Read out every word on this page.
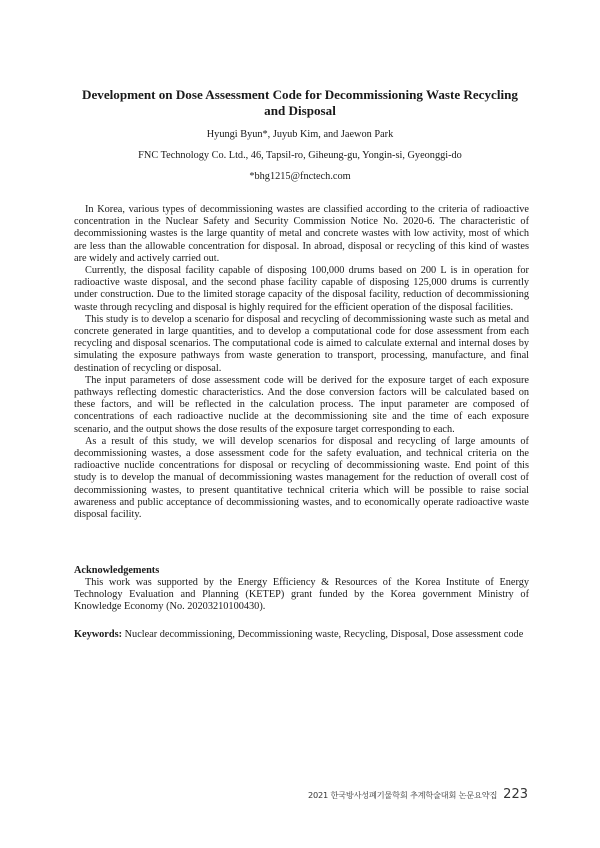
Development on Dose Assessment Code for Decommissioning Waste Recycling and Disposal
Hyungi Byun*, Juyub Kim, and Jaewon Park
FNC Technology Co. Ltd., 46, Tapsil-ro, Giheung-gu, Yongin-si, Gyeonggi-do
*bhg1215@fnctech.com

In Korea, various types of decommissioning wastes are classified according to the criteria of radioactive concentration in the Nuclear Safety and Security Commission Notice No. 2020-6. The characteristic of decommissioning wastes is the large quantity of metal and concrete wastes with low activity, most of which are less than the allowable concentration for disposal. In abroad, disposal or recycling of this kind of wastes are widely and actively carried out.

Currently, the disposal facility capable of disposing 100,000 drums based on 200 L is in operation for radioactive waste disposal, and the second phase facility capable of disposing 125,000 drums is currently under construction. Due to the limited storage capacity of the disposal facility, reduction of decommissioning waste through recycling and disposal is highly required for the efficient operation of the disposal facilities.

This study is to develop a scenario for disposal and recycling of decommissioning waste such as metal and concrete generated in large quantities, and to develop a computational code for dose assessment from each recycling and disposal scenarios. The computational code is aimed to calculate external and internal doses by simulating the exposure pathways from waste generation to transport, processing, manufacture, and final destination of recycling or disposal.

The input parameters of dose assessment code will be derived for the exposure target of each exposure pathways reflecting domestic characteristics. And the dose conversion factors will be calculated based on these factors, and will be reflected in the calculation process. The input parameter are composed of concentrations of each radioactive nuclide at the decommissioning site and the time of each exposure scenario, and the output shows the dose results of the exposure target corresponding to each.

As a result of this study, we will develop scenarios for disposal and recycling of large amounts of decommissioning wastes, a dose assessment code for the safety evaluation, and technical criteria on the radioactive nuclide concentrations for disposal or recycling of decommissioning waste. End point of this study is to develop the manual of decommissioning wastes management for the reduction of overall cost of decommissioning wastes, to present quantitative technical criteria which will be possible to raise social awareness and public acceptance of decommissioning wastes, and to economically operate radioactive waste disposal facility.

Acknowledgements
This work was supported by the Energy Efficiency & Resources of the Korea Institute of Energy Technology Evaluation and Planning (KETEP) grant funded by the Korea government Ministry of Knowledge Economy (No. 20203210100430).
Keywords: Nuclear decommissioning, Decommissioning waste, Recycling, Disposal, Dose assessment code
2021 한국방사성폐기물학회 추계학술대회 논문요약집 223
